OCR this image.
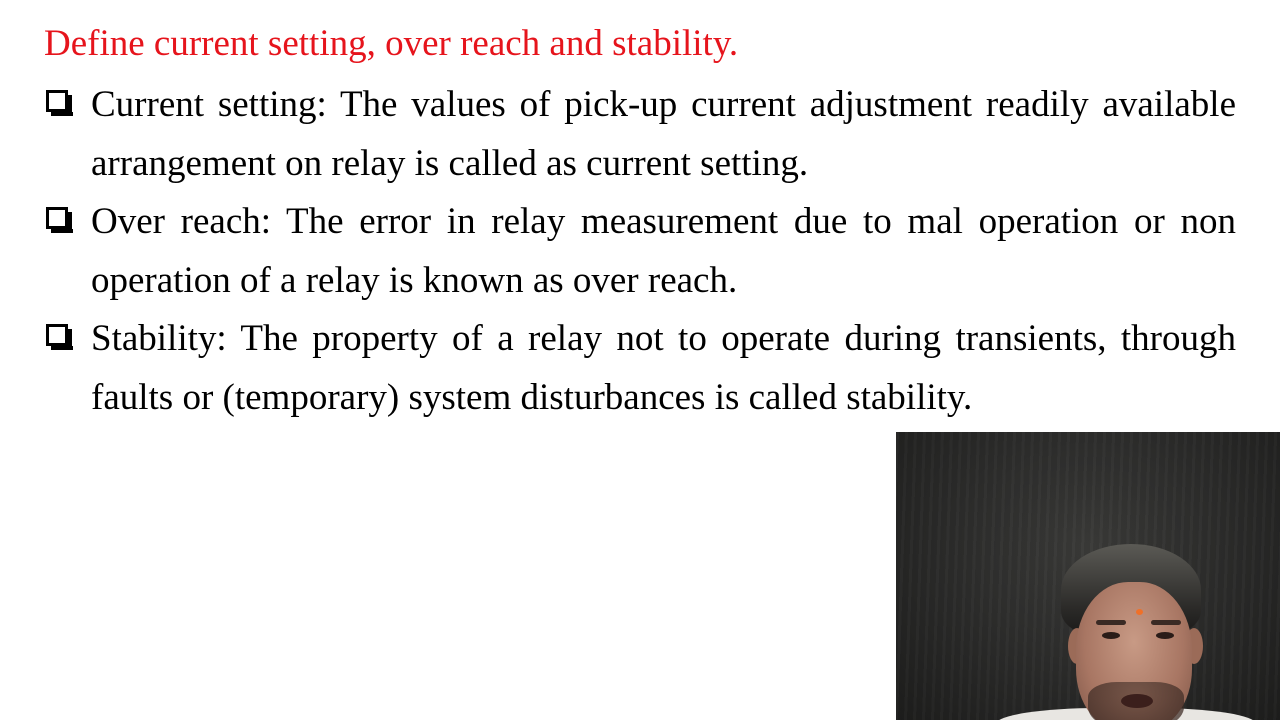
Define current setting, over reach and stability.
Current setting: The values of pick-up current adjustment readily available arrangement on relay is called as current setting.
Over reach: The error in relay measurement due to mal operation or non operation of a relay is known as over reach.
Stability: The property of a relay not to operate during transients, through faults or (temporary) system disturbances is called stability.
